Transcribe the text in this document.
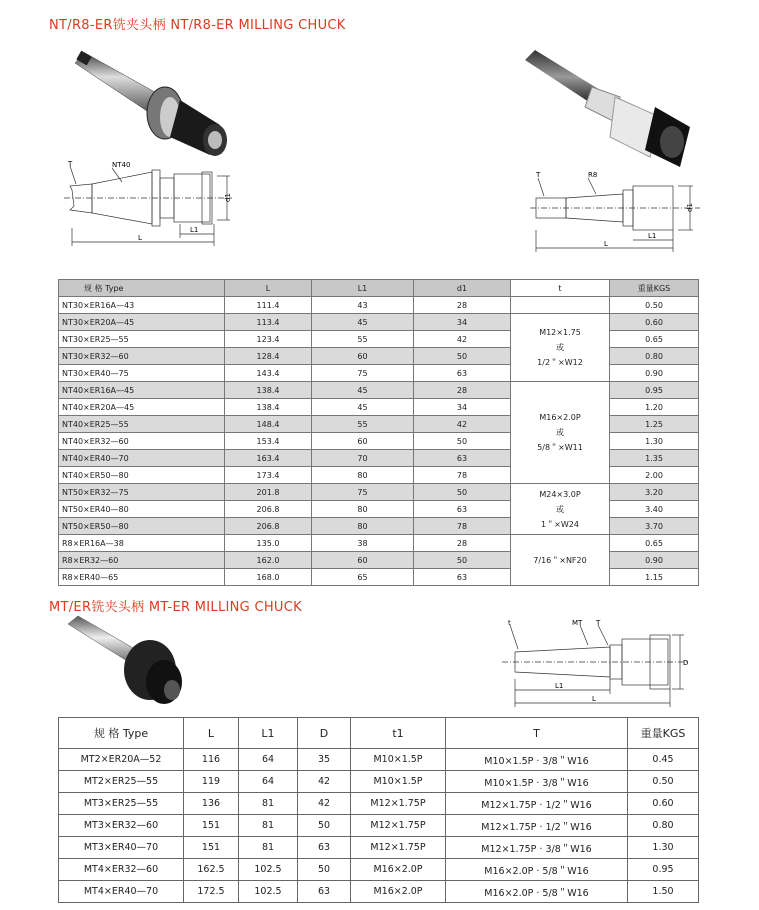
NT/R8-ER铣夹头柄 NT/R8-ER MILLING CHUCK
T	NT40
d1
L1
L
T	R8
d1
L1
L
规 格 Type	L	L1	d1	t	重量KGS
NT30×ER16A—43	111.4	43	28		0.50
NT30×ER20A—45	113.4	45	34	M12×1.75
或
1/2＂×W12	0.60
NT30×ER25—55	123.4	55	42		0.65
NT30×ER32—60	128.4	60	50		0.80
NT30×ER40—75	143.4	75	63		0.90
NT40×ER16A—45	138.4	45	28	M16×2.0P
或
5/8＂×W11	0.95
NT40×ER20A—45	138.4	45	34		1.20
NT40×ER25—55	148.4	55	42		1.25
NT40×ER32—60	153.4	60	50		1.30
NT40×ER40—70	163.4	70	63		1.35
NT40×ER50—80	173.4	80	78		2.00
NT50×ER32—75	201.8	75	50	M24×3.0P
或
1＂×W24	3.20
NT50×ER40—80	206.8	80	63		3.40
NT50×ER50—80	206.8	80	78		3.70
R8×ER16A—38	135.0	38	28	7/16＂×NF20	0.65
R8×ER32—60	162.0	60	50		0.90
R8×ER40—65	168.0	65	63		1.15
MT/ER铣夹头柄 MT-ER MILLING CHUCK
t	MT T
D
L1
L
规 格 Type	L	L1	D	t1	T	重量KGS
MT2×ER20A—52	116	64	35	M10×1.5P	M10×1.5P · 3/8＂W16	0.45
MT2×ER25—55	119	64	42	M10×1.5P	M10×1.5P · 3/8＂W16	0.50
MT3×ER25—55	136	81	42	M12×1.75P	M12×1.75P · 1/2＂W16	0.60
MT3×ER32—60	151	81	50	M12×1.75P	M12×1.75P · 1/2＂W16	0.80
MT3×ER40—70	151	81	63	M12×1.75P	M12×1.75P · 3/8＂W16	1.30
MT4×ER32—60	162.5	102.5	50	M16×2.0P	M16×2.0P · 5/8＂W16	0.95
MT4×ER40—70	172.5	102.5	63	M16×2.0P	M16×2.0P · 5/8＂W16	1.50
